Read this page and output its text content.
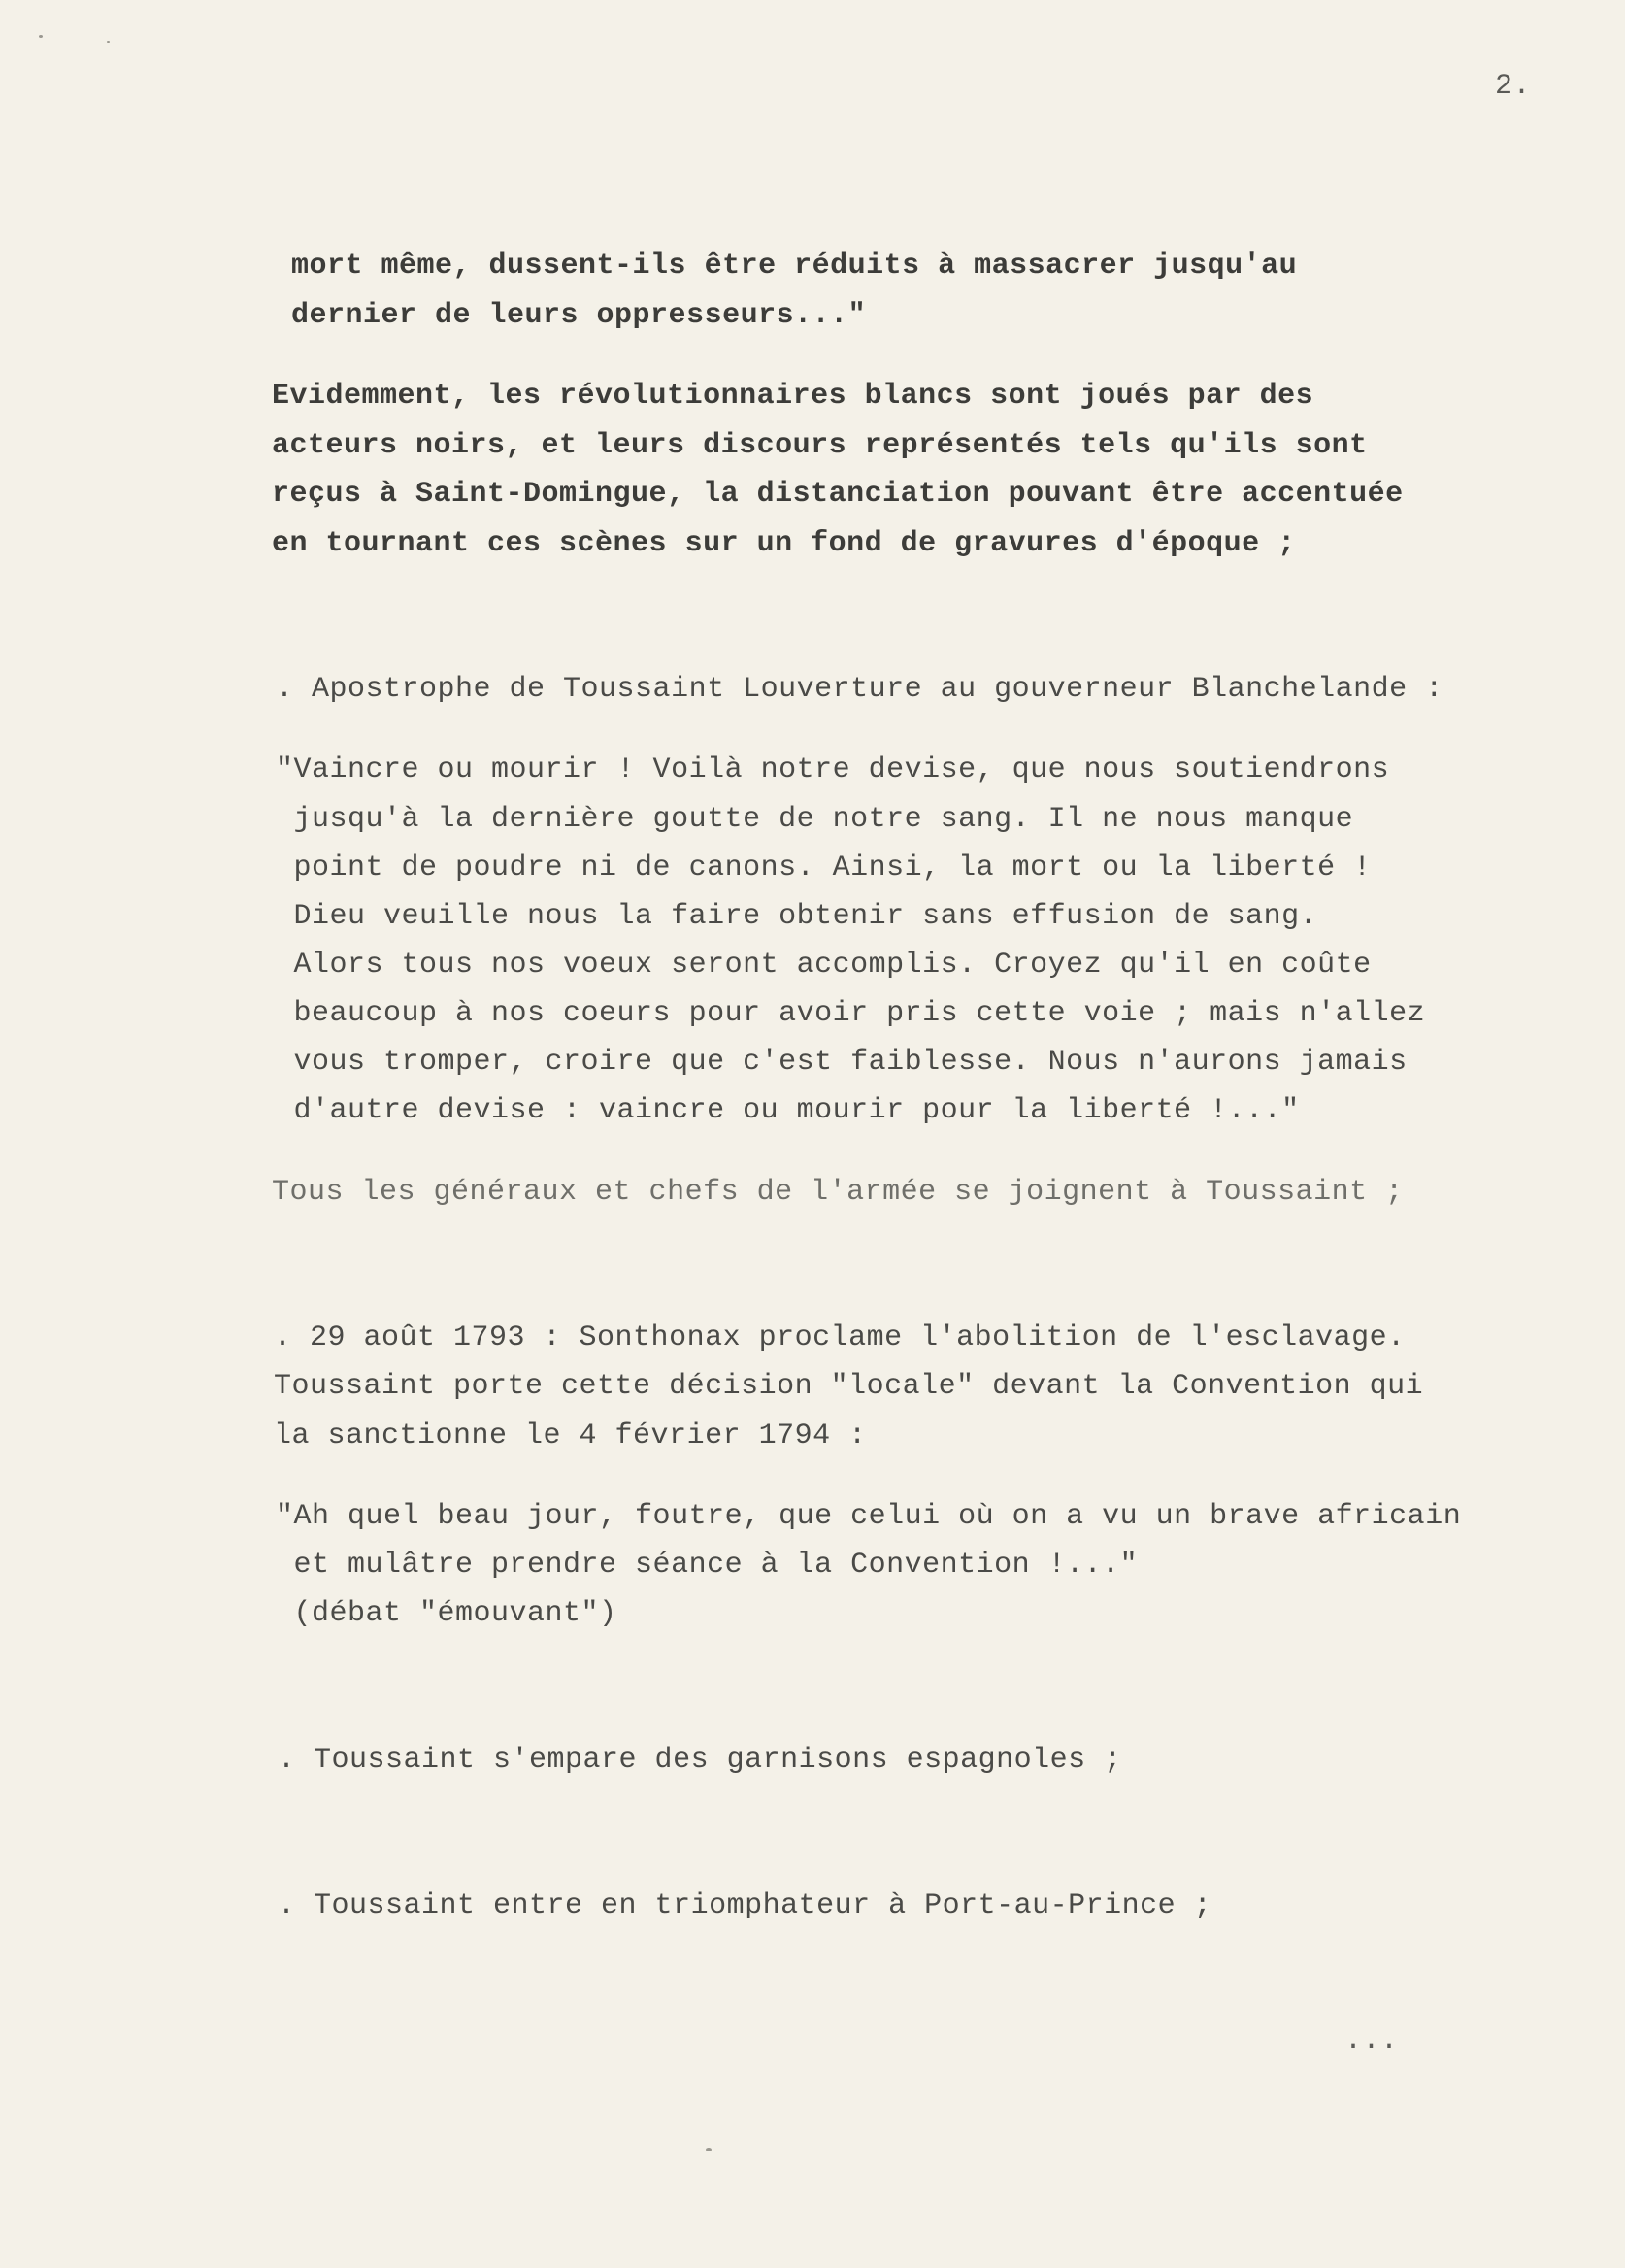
2.
mort même, dussent-ils être réduits à massacrer jusqu'au
dernier de leurs oppresseurs..."
Evidemment, les révolutionnaires blancs sont joués par des
acteurs noirs, et leurs discours représentés tels qu'ils sont
reçus à Saint-Domingue, la distanciation pouvant être accentuée
en tournant ces scènes sur un fond de gravures d'époque ;
. Apostrophe de Toussaint Louverture au gouverneur Blanchelande :
"Vaincre ou mourir ! Voilà notre devise, que nous soutiendrons
jusqu'à la dernière goutte de notre sang. Il ne nous manque
point de poudre ni de canons. Ainsi, la mort ou la liberté !
Dieu veuille nous la faire obtenir sans effusion de sang.
Alors tous nos voeux seront accomplis. Croyez qu'il en coûte
beaucoup à nos coeurs pour avoir pris cette voie ; mais n'allez
vous tromper, croire que c'est faiblesse. Nous n'aurons jamais
d'autre devise : vaincre ou mourir pour la liberté !..."
Tous les généraux et chefs de l'armée se joignent à Toussaint ;
. 29 août 1793 : Sonthonax proclame l'abolition de l'esclavage.
Toussaint porte cette décision "locale" devant la Convention qui
la sanctionne le 4 février 1794 :
"Ah quel beau jour, foutre, que celui où on a vu un brave africain
et mulâtre prendre séance à la Convention !..."
(débat "émouvant")
. Toussaint s'empare des garnisons espagnoles ;
. Toussaint entre en triomphateur à Port-au-Prince ;
...
